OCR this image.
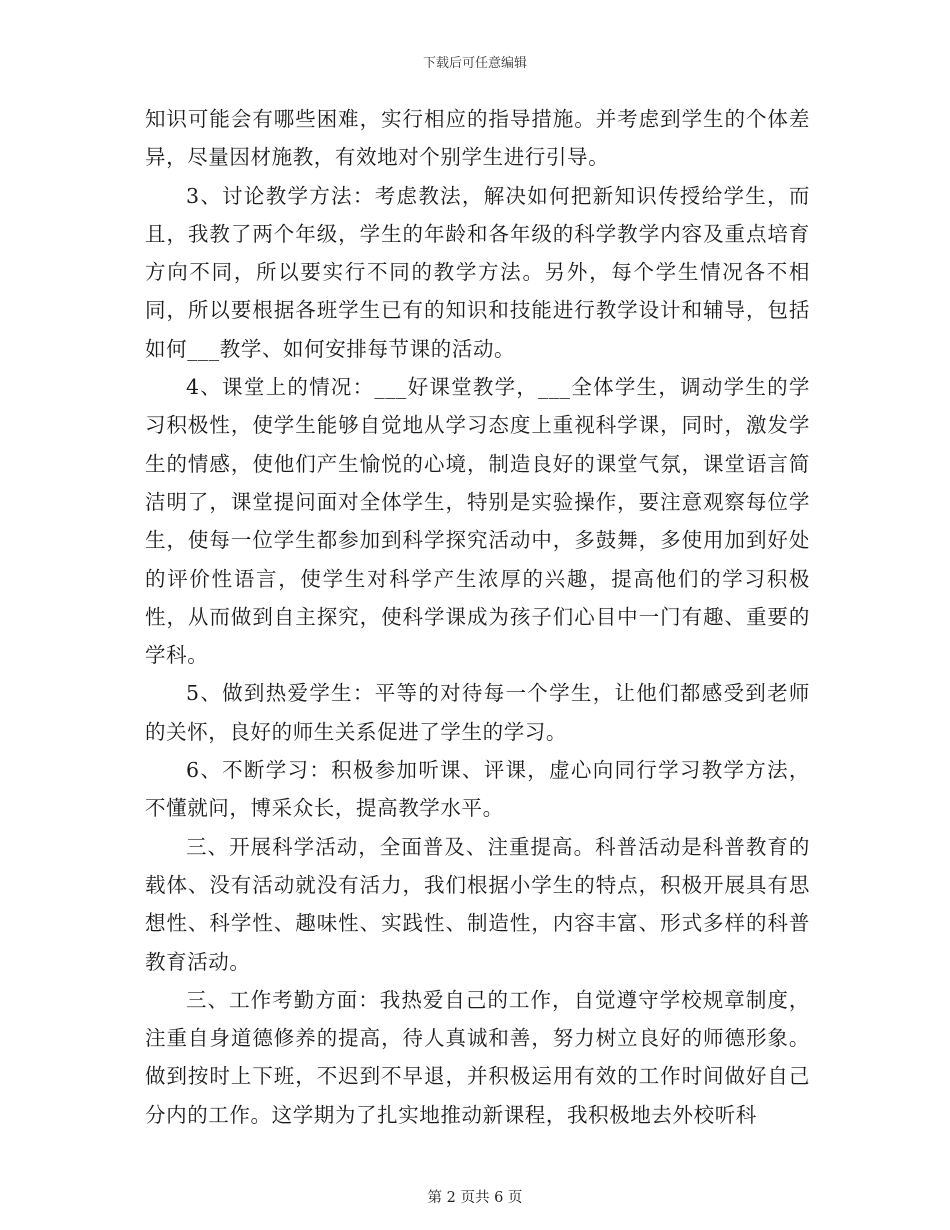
下载后可任意编辑

知识可能会有哪些困难，实行相应的指导措施。并考虑到学生的个体差异，尽量因材施教，有效地对个别学生进行引导。

3、讨论教学方法：考虑教法，解决如何把新知识传授给学生，而且，我教了两个年级，学生的年龄和各年级的科学教学内容及重点培育方向不同，所以要实行不同的教学方法。另外，每个学生情况各不相同，所以要根据各班学生已有的知识和技能进行教学设计和辅导，包括如何___教学、如何安排每节课的活动。

4、课堂上的情况：___好课堂教学，___全体学生，调动学生的学习积极性，使学生能够自觉地从学习态度上重视科学课，同时，激发学生的情感，使他们产生愉悦的心境，制造良好的课堂气氛，课堂语言简洁明了，课堂提问面对全体学生，特别是实验操作，要注意观察每位学生，使每一位学生都参加到科学探究活动中，多鼓舞，多使用加到好处的评价性语言，使学生对科学产生浓厚的兴趣，提高他们的学习积极性，从而做到自主探究，使科学课成为孩子们心目中一门有趣、重要的学科。

5、做到热爱学生：平等的对待每一个学生，让他们都感受到老师的关怀，良好的师生关系促进了学生的学习。

6、不断学习：积极参加听课、评课，虚心向同行学习教学方法，不懂就问，博采众长，提高教学水平。

三、开展科学活动，全面普及、注重提高。科普活动是科普教育的载体、没有活动就没有活力，我们根据小学生的特点，积极开展具有思想性、科学性、趣味性、实践性、制造性，内容丰富、形式多样的科普教育活动。

三、工作考勤方面：我热爱自己的工作，自觉遵守学校规章制度，注重自身道德修养的提高，待人真诚和善，努力树立良好的师德形象。做到按时上下班，不迟到不早退，并积极运用有效的工作时间做好自己分内的工作。这学期为了扎实地推动新课程，我积极地去外校听科

第 2 页共 6 页
